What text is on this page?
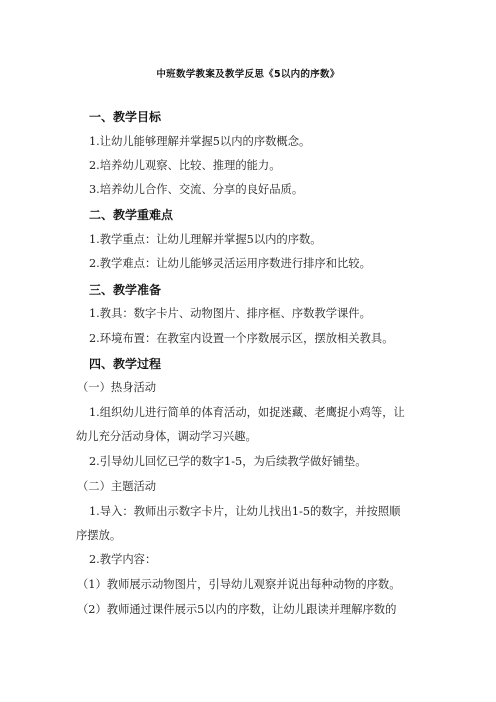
中班数学教案及教学反思《5以内的序数》
一、教学目标
1.让幼儿能够理解并掌握5以内的序数概念。
2.培养幼儿观察、比较、推理的能力。
3.培养幼儿合作、交流、分享的良好品质。
二、教学重难点
1.教学重点：让幼儿理解并掌握5以内的序数。
2.教学难点：让幼儿能够灵活运用序数进行排序和比较。
三、教学准备
1.教具：数字卡片、动物图片、排序框、序数教学课件。
2.环境布置：在教室内设置一个序数展示区，摆放相关教具。
四、教学过程
（一）热身活动
1.组织幼儿进行简单的体育活动，如捉迷藏、老鹰捉小鸡等，让
幼儿充分活动身体，调动学习兴趣。
2.引导幼儿回忆已学的数字1-5，为后续教学做好铺垫。
（二）主题活动
1.导入：教师出示数字卡片，让幼儿找出1-5的数字，并按照顺
序摆放。
2.教学内容：
（1）教师展示动物图片，引导幼儿观察并说出每种动物的序数。
（2）教师通过课件展示5以内的序数，让幼儿跟读并理解序数的
